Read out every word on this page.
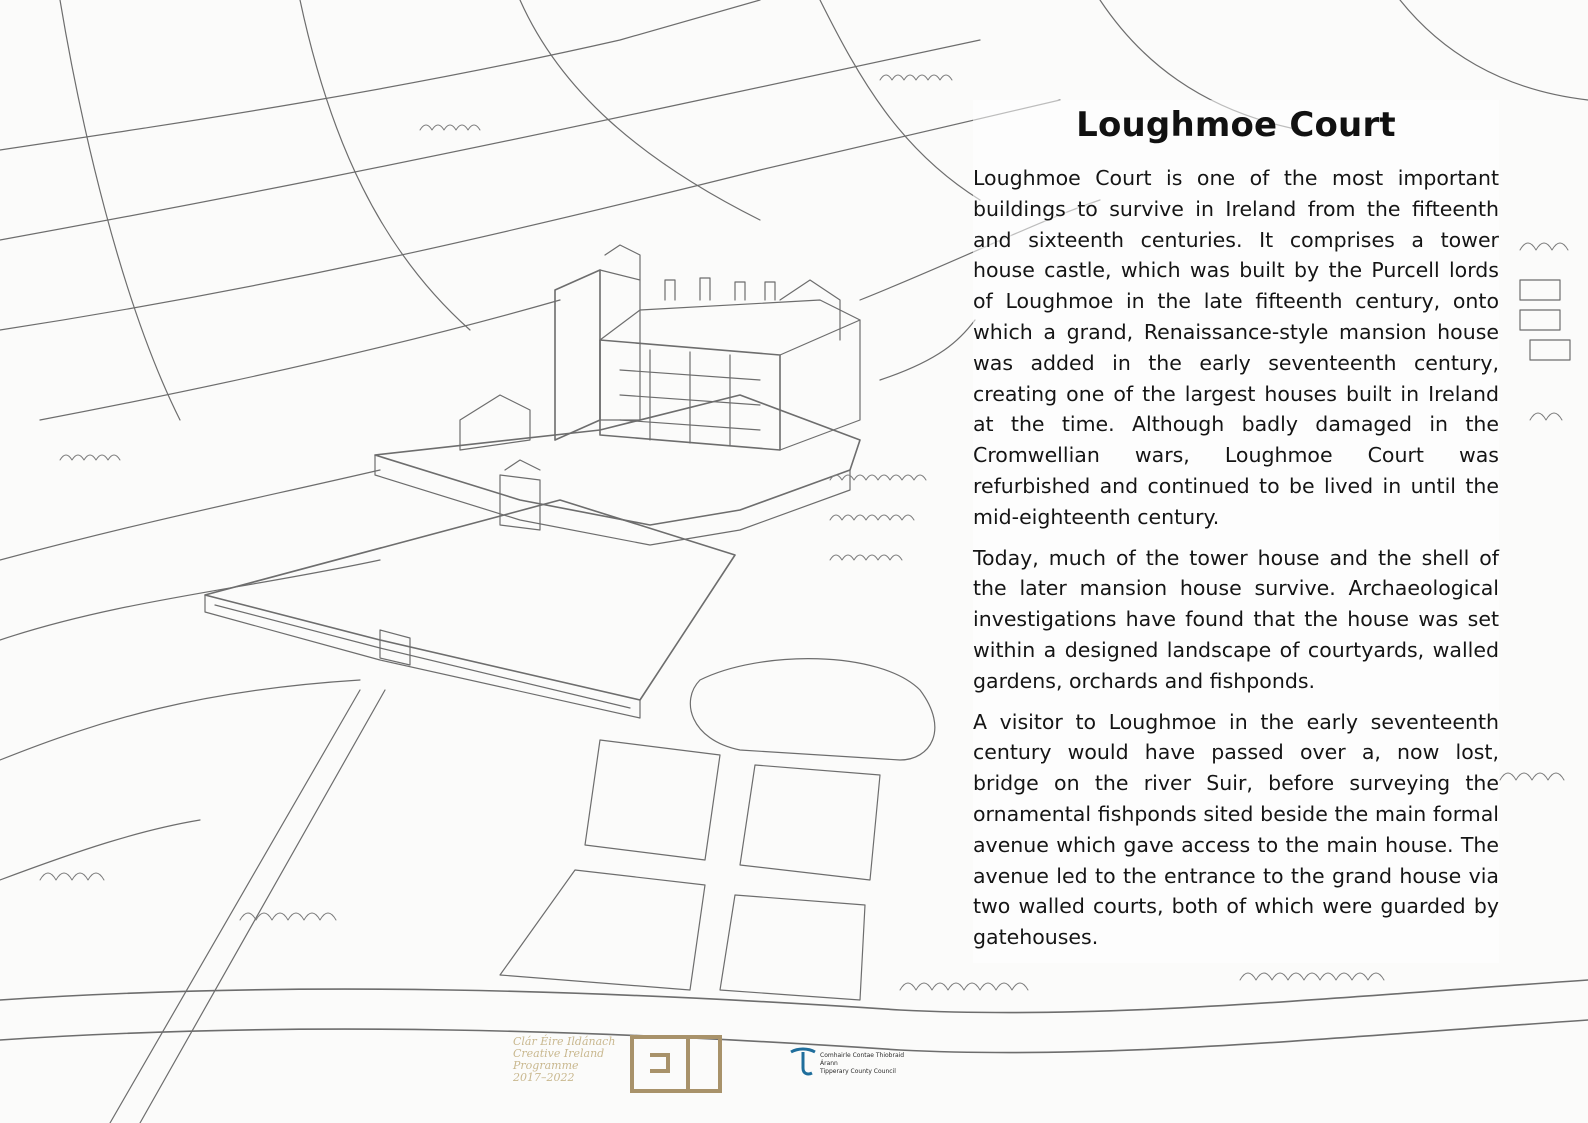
Loughmoe Court

Loughmoe Court is one of the most important buildings to survive in Ireland from the fifteenth and sixteenth centuries. It comprises a tower house castle, which was built by the Purcell lords of Loughmoe in the late fifteenth century, onto which a grand, Renaissance-style mansion house was added in the early seventeenth century, creating one of the largest houses built in Ireland at the time. Although badly damaged in the Cromwellian wars, Loughmoe Court was refurbished and continued to be lived in until the mid-eighteenth century.

Today, much of the tower house and the shell of the later mansion house survive. Archaeological investigations have found that the house was set within a designed landscape of courtyards, walled gardens, orchards and fishponds.

A visitor to Loughmoe in the early seventeenth century would have passed over a, now lost, bridge on the river Suir, before surveying the ornamental fishponds sited beside the main formal avenue which gave access to the main house. The avenue led to the entrance to the grand house via two walled courts, both of which were guarded by gatehouses.

Clár Éire Ildánach
Creative Ireland
Programme
2017–2022
Comhairle Contae Thiobraid Árann
Tipperary County Council
